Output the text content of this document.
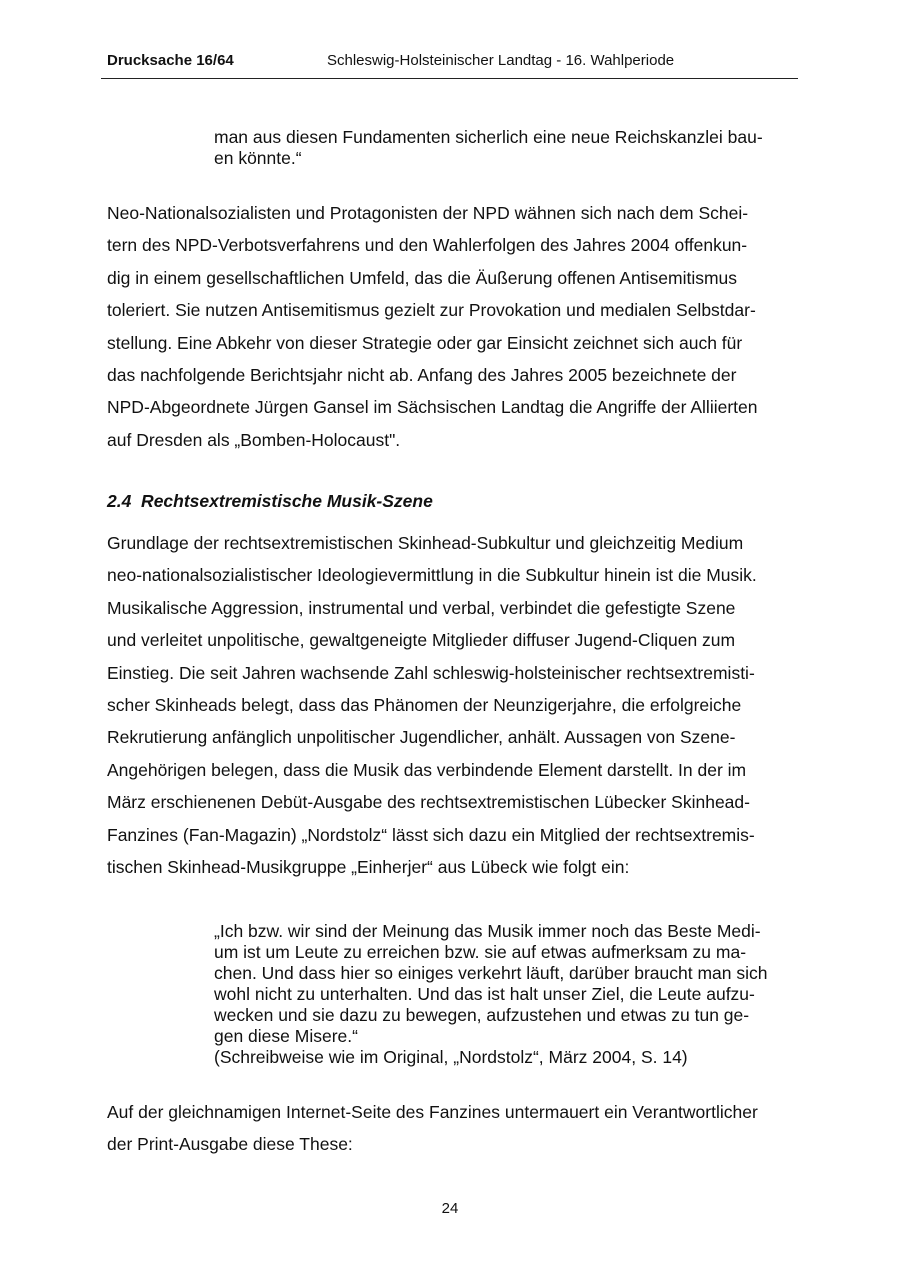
Drucksache 16/64	Schleswig-Holsteinischer Landtag - 16. Wahlperiode
man aus diesen Fundamenten sicherlich eine neue Reichskanzlei bau-
en könnte.“
Neo-Nationalsozialisten und Protagonisten der NPD wähnen sich nach dem Schei-
tern des NPD-Verbotsverfahrens und den Wahlerfolgen des Jahres 2004 offenkun-
dig in einem gesellschaftlichen Umfeld, das die Äußerung offenen Antisemitismus
toleriert. Sie nutzen Antisemitismus gezielt zur Provokation und medialen Selbstdar-
stellung. Eine Abkehr von dieser Strategie oder gar Einsicht zeichnet sich auch für
das nachfolgende Berichtsjahr nicht ab. Anfang des Jahres 2005 bezeichnete der
NPD-Abgeordnete Jürgen Gansel im Sächsischen Landtag die Angriffe der Alliierten
auf Dresden als „Bomben-Holocaust".
2.4  Rechtsextremistische Musik-Szene
Grundlage der rechtsextremistischen Skinhead-Subkultur und gleichzeitig Medium
neo-nationalsozialistischer Ideologievermittlung in die Subkultur hinein ist die Musik.
Musikalische Aggression, instrumental und verbal, verbindet die gefestigte Szene
und verleitet unpolitische, gewaltgeneigte Mitglieder diffuser Jugend-Cliquen zum
Einstieg. Die seit Jahren wachsende Zahl schleswig-holsteinischer rechtsextremisti-
scher Skinheads belegt, dass das Phänomen der Neunzigerjahre, die erfolgreiche
Rekrutierung anfänglich unpolitischer Jugendlicher, anhält. Aussagen von Szene-
Angehörigen belegen, dass die Musik das verbindende Element darstellt. In der im
März erschienenen Debüt-Ausgabe des rechtsextremistischen Lübecker Skinhead-
Fanzines (Fan-Magazin) „Nordstolz“ lässt sich dazu ein Mitglied der rechtsextremis-
tischen Skinhead-Musikgruppe „Einherjer“ aus Lübeck wie folgt ein:
„Ich bzw. wir sind der Meinung das Musik immer noch das Beste Medi-
um ist um Leute zu erreichen bzw. sie auf etwas aufmerksam zu ma-
chen. Und dass hier so einiges verkehrt läuft, darüber braucht man sich
wohl nicht zu unterhalten. Und das ist halt unser Ziel, die Leute aufzu-
wecken und sie dazu zu bewegen, aufzustehen und etwas zu tun ge-
gen diese Misere.“
(Schreibweise wie im Original, „Nordstolz“, März 2004, S. 14)
Auf der gleichnamigen Internet-Seite des Fanzines untermauert ein Verantwortlicher
der Print-Ausgabe diese These:
24
